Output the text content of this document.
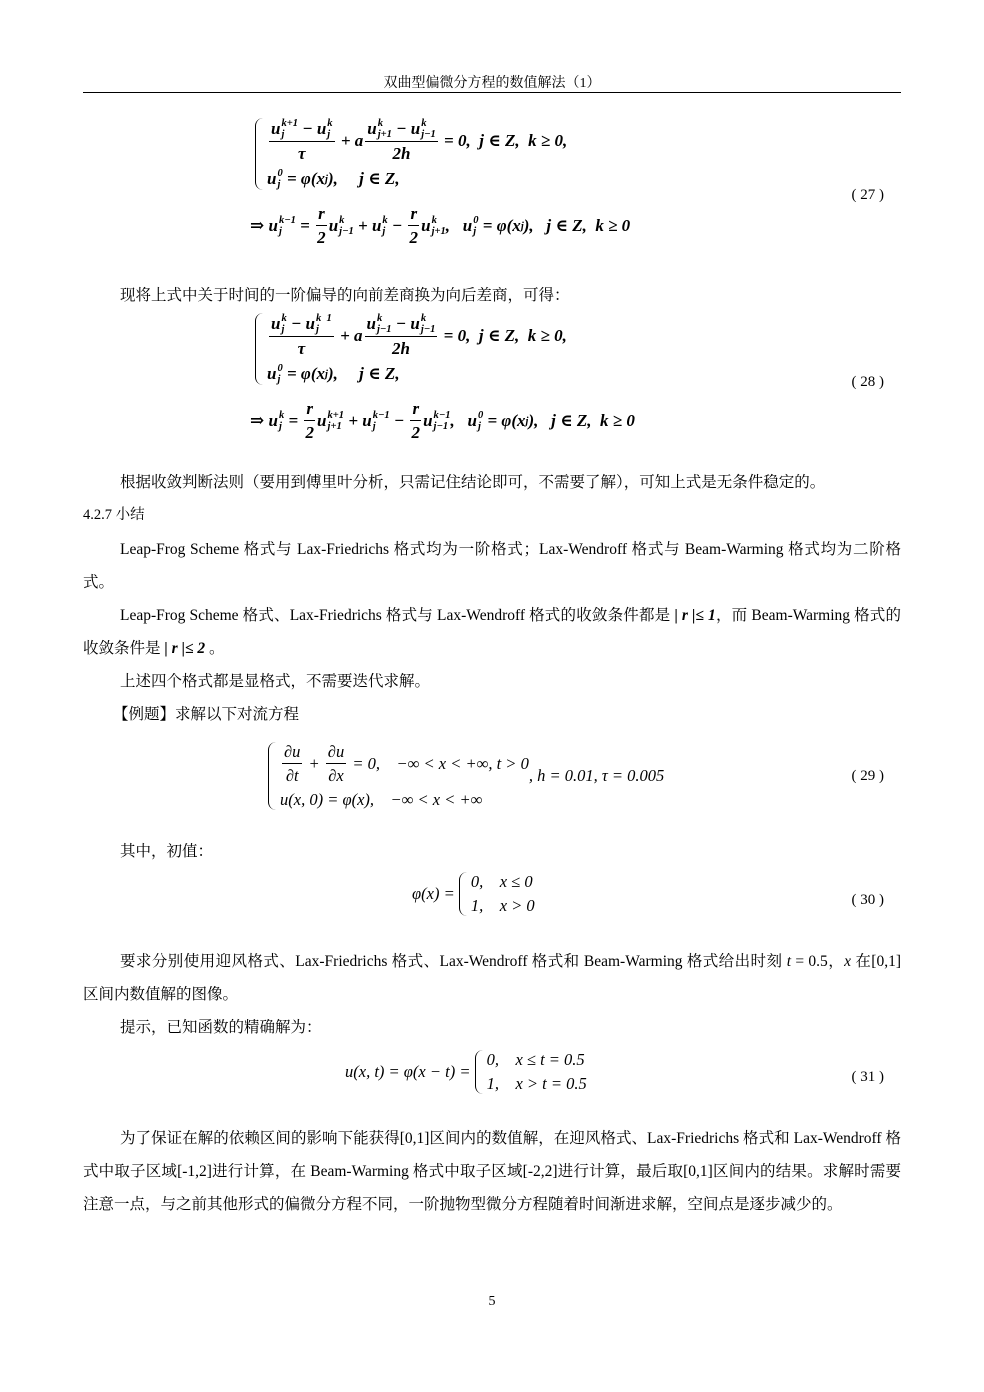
双曲型偏微分方程的数值解法（1）
u k+1
j − u k
j
τ + a u k
j+1 − u k
j−1
2h = 0,  j ∈ Z,  k ≥ 0,
u 0
j = φ(x j ),     j ∈ Z,
⇒ u k−1
$j = \frac{r}{2}$ u k
j−1 + u k
$j - \frac{r}{2}$ u k
j+1 , u 0
j = φ(x j ),   j ∈ Z,  k ≥ 0
( 27 )
现将上式中关于时间的一阶偏导的向前差商换为向后差商，可得：
u k
j − u k  1
j
τ + a u k
j−1 − u k
j−1
2h = 0,  j ∈ Z,  k ≥ 0,
u 0
j = φ(x j ),     j ∈ Z,
⇒ u k
$j = \frac{r}{2}$ u k+1
j+1 + u k−1
$j - \frac{r}{2}$ u k−1
j−1 , u 0
j = φ(x j ),   j ∈ Z,  k ≥ 0
( 28 )
根据收敛判断法则（要用到傅里叶分析，只需记住结论即可，不需要了解），可知上式是无条件稳定的。
4.2.7 小结
Leap-Frog Scheme 格式与 Lax-Friedrichs 格式均为一阶格式；Lax-Wendroff 格式与 Beam-Warming 格式均为二阶格式。
Leap-Frog Scheme 格式、Lax-Friedrichs 格式与 Lax-Wendroff 格式的收敛条件都是 | r |≤ 1，而 Beam-Warming 格式的收敛条件是 | r |≤ 2 。
上述四个格式都是显格式，不需要迭代求解。
【例题】求解以下对流方程
$\frac{\partial u}{\partial t} + \frac{\partial u}{\partial x} = 0$,    −∞ < x < +∞, t > 0
u(x, 0) = φ(x),    −∞ < x < +∞
, h = 0.01, τ = 0.005	( 29 )
其中，初值：
φ(x) =
0,    x ≤ 0
1,    x > 0	( 30 )
要求分别使用迎风格式、Lax-Friedrichs 格式、Lax-Wendroff 格式和 Beam-Warming 格式给出时刻 t = 0.5，x 在[0,1]区间内数值解的图像。
提示，已知函数的精确解为：
u(x, t) = φ(x − t) =
0,    x ≤ t = 0.5
1,    x > t = 0.5	( 31 )
为了保证在解的依赖区间的影响下能获得[0,1]区间内的数值解，在迎风格式、Lax-Friedrichs 格式和 Lax-Wendroff 格式中取子区域[-1,2]进行计算，在 Beam-Warming 格式中取子区域[-2,2]进行计算，最后取[0,1]区间内的结果。求解时需要注意一点，与之前其他形式的偏微分方程不同，一阶抛物型微分方程随着时间渐进求解，空间点是逐步减少的。
5
